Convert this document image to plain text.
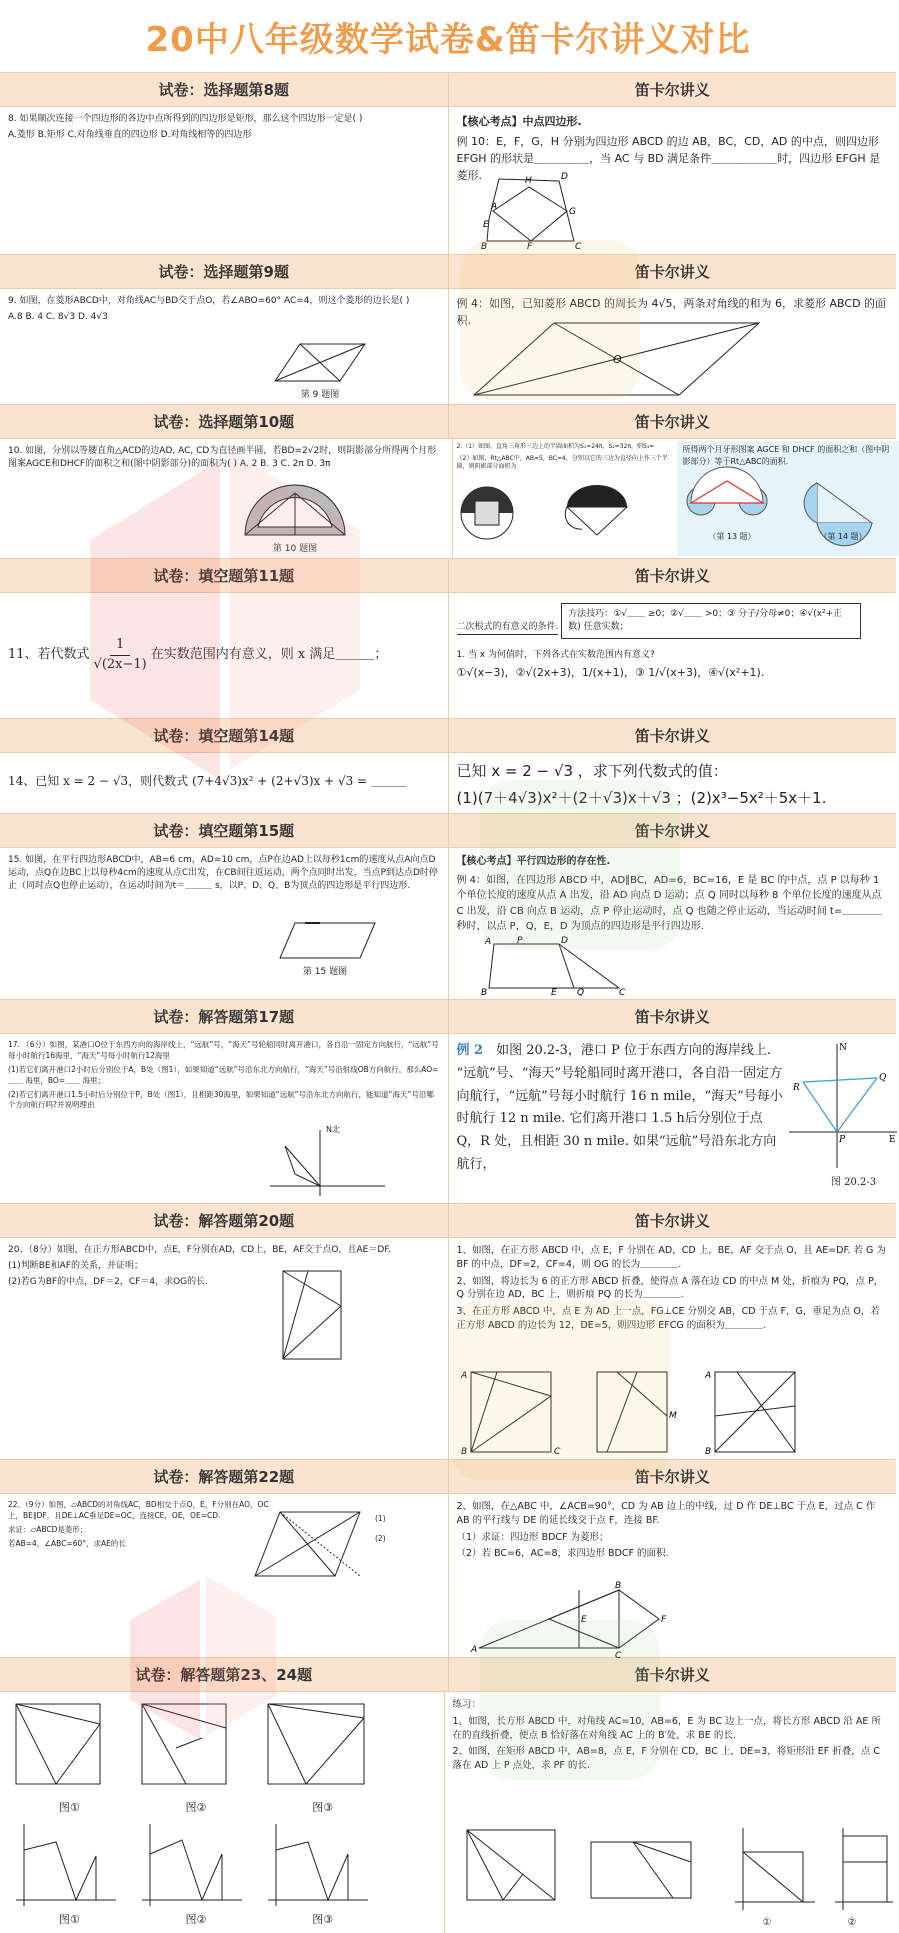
20中八年级数学试卷&笛卡尔讲义对比
试卷：选择题第8题	笛卡尔讲义

8. 如果顺次连接一个四边形的各边中点所得到的四边形是矩形，那么这个四边形一定是( )

A.菱形 B.矩形 C.对角线垂直的四边形 D.对角线相等的四边形

【核心考点】中点四边形.

例 10：E，F，G，H 分别为四边形 ABCD 的边 AB，BC，CD，AD 的中点，则四边形 EFGH 的形状是＿＿＿＿＿，当 AC 与 BD 满足条件＿＿＿＿＿＿时，四边形 EFGH 是菱形.

A
E
B	F	C
G
D
H
试卷：选择题第9题	笛卡尔讲义

9. 如图，在菱形ABCD中，对角线AC与BD交于点O，若∠ABO=60° AC=4，则这个菱形的边长是( )

A.8 B. 4 C. 8√3 D. 4√3

第 9 题图

例 4：如图，已知菱形 ABCD 的周长为 4√5，两条对角线的和为 6，求菱形 ABCD 的面积.

O
试卷：选择题第10题	笛卡尔讲义

10. 如图，分别以等腰直角△ACD的边AD, AC, CD为直径画半圆，若BD=2√2时，则阴影部分所得两个月形图案AGCE和DHCF的面积之和(图中阴影部分)的面积为( ) A. 2 B. 3 C. 2π D. 3π

第 10 题图

2.（1）如图，直角三角形三边上的半圆面积为S₁=24π，S₂=32π，则S₃=

（2）如图，Rt△ABC中，AB=5，BC=4，分别以它的三边为直径向上作三个半圆，则阴影部分面积为

所得两个月牙形图案 AGCE 和 DHCF 的面积之和（图中阴影部分）等于Rt△ABC的面积.

（第 13 题）	（第 14 题）
试卷：填空题第11题	笛卡尔讲义
11、若代数式 $\frac{1}{√(2x-1)}$ 在实数范围内有意义，则 x 满足＿＿＿；

二次根式的有意义的条件.

方法技巧：①√＿＿ ≥0；②√＿＿ >0；③ 分子/分母≠0；④√(x²+正数) 任意实数；

1. 当 x 为何值时，下列各式在实数范围内有意义?

①√(x−3)，②√(2x+3)，1/(x+1)，③ 1/√(x+3)，④√(x²+1).

试卷：填空题第14题	笛卡尔讲义

14、已知 x = 2 − √3，则代数式 (7+4√3)x² + (2+√3)x + √3 = ＿＿＿

已知 x = 2 − √3 ，求下列代数式的值：

(1)(7＋4√3)x²＋(2＋√3)x＋√3 ；(2)x³−5x²＋5x＋1.

试卷：填空题第15题	笛卡尔讲义

15. 如图，在平行四边形ABCD中，AB=6 cm，AD=10 cm，点P在边AD上以每秒1cm的速度从点A向点D运动，点Q在边BC上以每秒4cm的速度从点C出发，在CB间往返运动，两个点同时出发，当点P到达点D时停止（同时点Q也停止运动），在运动时间为t＝＿＿＿ s，以P、D、Q、B为顶点的四边形是平行四边形.

第 15 题图

【核心考点】平行四边形的存在性.

例 4：如图，在四边形 ABCD 中，AD∥BC，AD=6，BC=16，E 是 BC 的中点，点 P 以每秒 1 个单位长度的速度从点 A 出发，沿 AD 向点 D 运动；点 Q 同时以每秒 8 个单位长度的速度从点 C 出发，沿 CB 向点 B 运动，点 P 停止运动时，点 Q 也随之停止运动，当运动时间 t=＿＿＿＿秒时，以点 P，Q，E，D 为顶点的四边形是平行四边形.

A	P	D
B	E Q	C
试卷：解答题第17题	笛卡尔讲义

17. （6分）如图，某港口O位于东西方向的海岸线上，“远航”号，“海天”号轮船同时离开港口，各自沿一固定方向航行，“远航”号每小时航行16海里，“海天”号每小时航行12海里

(1)若它们离开港口2小时后分别位于A，B处（图1），如果知道“远航”号沿东北方向航行，“海天”号沿射线OB方向航行，那么AO=＿＿ 海里，BO=＿＿ 海里；

(2)若它们离开港口1.5小时后分别位于P，B处（图1），且相距30海里，如果知道“远航”号沿东北方向航行，能知道“海天”号沿哪个方向航行吗?并说明理由

N北

例 2　 如图 20.2-3，港口 P 位于东西方向的海岸线上. “远航”号、“海天”号轮船同时离开港口，各自沿一固定方向航行，“远航”号每小时航行 16 n mile，“海天”号每小时航行 12 n mile. 它们离开港口 1.5 h后分别位于点 Q，R 处，且相距 30 n mile. 如果“远航”号沿东北方向航行，

N
E
P
Q
R
图 20.2-3
试卷：解答题第20题	笛卡尔讲义

20、（8分）如图，在正方形ABCD中，点E，F分别在AD，CD上，BE，AF交于点O，且AE＝DF.

(1)判断BE和AF的关系，并证明；

(2)若G为BF的中点，DF＝2，CF＝4，求OG的长.

1、如图，在正方形 ABCD 中，点 E，F 分别在 AD，CD 上，BE，AF 交于点 O，且 AE=DF. 若 G 为 BF 的中点，DF=2，CF=4，则 OG 的长为＿＿＿＿.

2、如图，将边长为 6 的正方形 ABCD 折叠，使得点 A 落在边 CD 的中点 M 处，折痕为 PQ，点 P，Q 分别在边 AD，BC 上，则折痕 PQ 的长为＿＿＿＿.

3、在正方形 ABCD 中，点 E 为 AD 上一点，FG⊥CE 分别交 AB，CD 于点 F，G，垂足为点 O，若正方形 ABCD 的边长为 12，DE=5，则四边形 EFCG 的面积为＿＿＿＿.

A
B	C
M
A
B
试卷：解答题第22题	笛卡尔讲义

22、（9分）如图，▱ABCD的对角线AC，BD相交于点O，E，F分别在AO，OC上，BE∥DF，且DE⊥AC垂足DE=OC，连接CE，OE，OE=CD.

求证：▱ABCD是菱形；

若AB=4，∠ABC=60°，求AE的长

(1)
(2)

2、如图，在△ABC 中，∠ACB=90°，CD 为 AB 边上的中线，过 D 作 DE⊥BC 于点 E，过点 C 作 AB 的平行线与 DE 的延长线交于点 F，连接 BF.

（1）求证：四边形 BDCF 为菱形；

（2）若 BC=6，AC=8，求四边形 BDCF 的面积.

A
B
C
F
E
试卷：解答题第23、24题	笛卡尔讲义
图①	图②	图③
图①	图②	图③

练习：

1、如图，长方形 ABCD 中，对角线 AC=10，AB=6，E 为 BC 边上一点，将长方形 ABCD 沿 AE 所在的直线折叠，使点 B 恰好落在对角线 AC 上的 B′处，求 BE 的长.

2、如图，在矩形 ABCD 中，AB=8，点 E，F 分别在 CD，BC 上，DE=3，将矩形沿 EF 折叠，点 C 落在 AD 上 P 点处，求 PF 的长.

①	②
